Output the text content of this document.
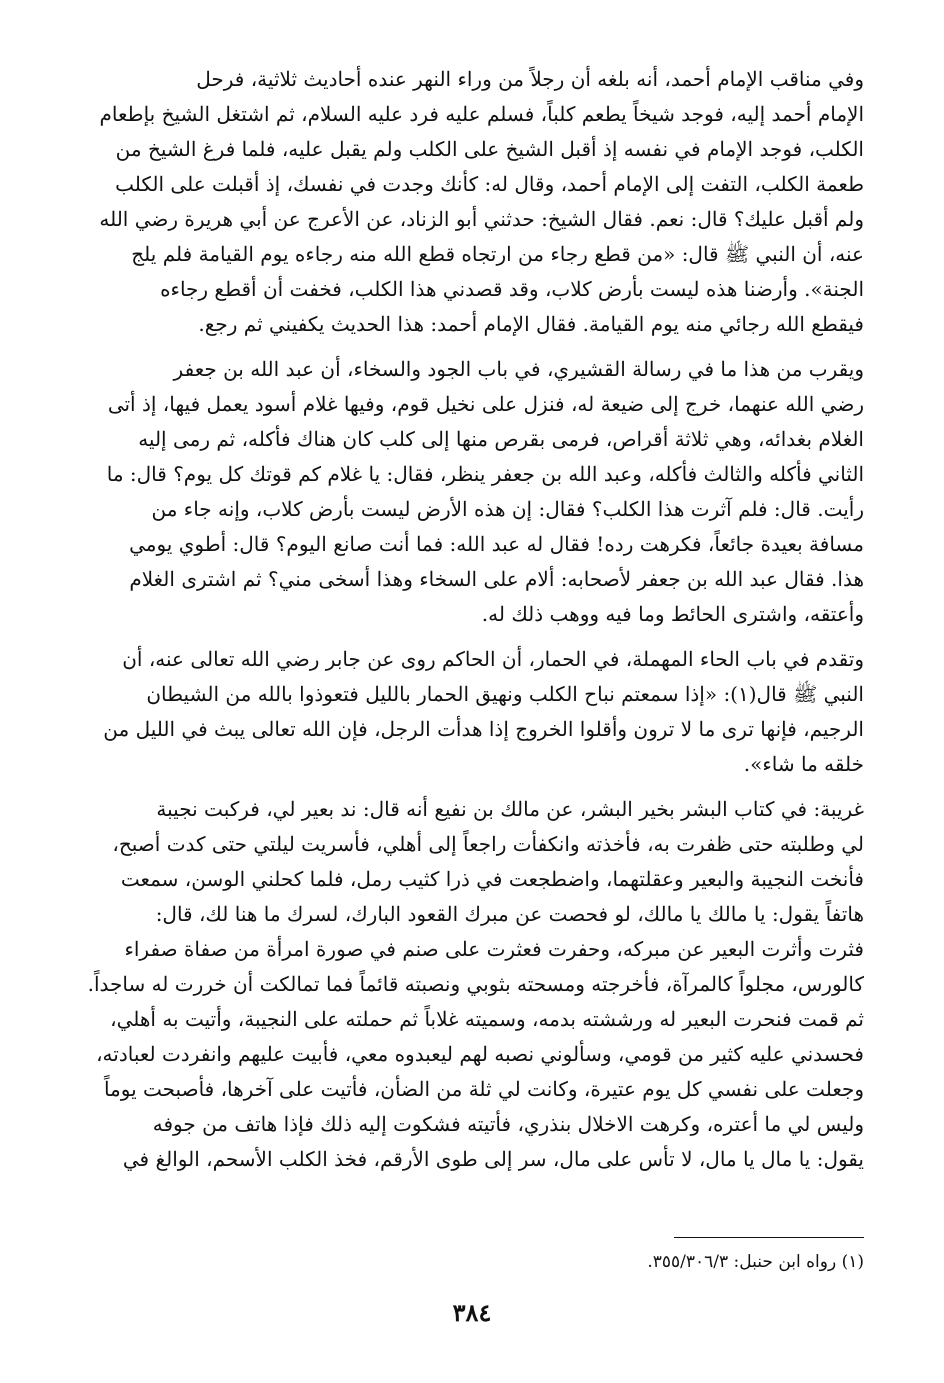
وفي مناقب الإمام أحمد، أنه بلغه أن رجلاً من وراء النهر عنده أحاديث ثلاثية، فرحل
الإمام أحمد إليه، فوجد شيخاً يطعم كلباً، فسلم عليه فرد عليه السلام، ثم اشتغل الشيخ بإطعام
الكلب، فوجد الإمام في نفسه إذ أقبل الشيخ على الكلب ولم يقبل عليه، فلما فرغ الشيخ من
طعمة الكلب، التفت إلى الإمام أحمد، وقال له: كأنك وجدت في نفسك، إذ أقبلت على الكلب
ولم أقبل عليك؟ قال: نعم. فقال الشيخ: حدثني أبو الزناد، عن الأعرج عن أبي هريرة رضي الله
عنه، أن النبي ﷺ قال: «من قطع رجاء من ارتجاه قطع الله منه رجاءه يوم القيامة فلم يلج
الجنة». وأرضنا هذه ليست بأرض كلاب، وقد قصدني هذا الكلب، فخفت أن أقطع رجاءه
فيقطع الله رجائي منه يوم القيامة. فقال الإمام أحمد: هذا الحديث يكفيني ثم رجع.

ويقرب من هذا ما في رسالة القشيري، في باب الجود والسخاء، أن عبد الله بن جعفر
رضي الله عنهما، خرج إلى ضيعة له، فنزل على نخيل قوم، وفيها غلام أسود يعمل فيها، إذ أتى
الغلام بغدائه، وهي ثلاثة أقراص، فرمى بقرص منها إلى كلب كان هناك فأكله، ثم رمى إليه
الثاني فأكله والثالث فأكله، وعبد الله بن جعفر ينظر، فقال: يا غلام كم قوتك كل يوم؟ قال: ما
رأيت. قال: فلم آثرت هذا الكلب؟ فقال: إن هذه الأرض ليست بأرض كلاب، وإنه جاء من
مسافة بعيدة جائعاً، فكرهت رده! فقال له عبد الله: فما أنت صانع اليوم؟ قال: أطوي يومي
هذا. فقال عبد الله بن جعفر لأصحابه: ألام على السخاء وهذا أسخى مني؟ ثم اشترى الغلام
وأعتقه، واشترى الحائط وما فيه ووهب ذلك له.

وتقدم في باب الحاء المهملة، في الحمار، أن الحاكم روى عن جابر رضي الله تعالى عنه، أن
النبي ﷺ قال(١): «إذا سمعتم نباح الكلب ونهيق الحمار بالليل فتعوذوا بالله من الشيطان
الرجيم، فإنها ترى ما لا ترون وأقلوا الخروج إذا هدأت الرجل، فإن الله تعالى يبث في الليل من
خلقه ما شاء».

غريبة: في كتاب البشر بخير البشر، عن مالك بن نفيع أنه قال: ند بعير لي، فركبت نجيبة
لي وطلبته حتى ظفرت به، فأخذته وانكفأت راجعاً إلى أهلي، فأسريت ليلتي حتى كدت أصبح،
فأنخت النجيبة والبعير وعقلتهما، واضطجعت في ذرا كثيب رمل، فلما كحلني الوسن، سمعت
هاتفاً يقول: يا مالك يا مالك، لو فحصت عن مبرك القعود البارك، لسرك ما هنا لك، قال:
فثرت وأثرت البعير عن مبركه، وحفرت فعثرت على صنم في صورة امرأة من صفاة صفراء
كالورس، مجلواً كالمرآة، فأخرجته ومسحته بثوبي ونصبته قائماً فما تمالكت أن خررت له ساجداً.
ثم قمت فنحرت البعير له ورششته بدمه، وسميته غلاباً ثم حملته على النجيبة، وأتيت به أهلي،
فحسدني عليه كثير من قومي، وسألوني نصبه لهم ليعبدوه معي، فأبيت عليهم وانفردت لعبادته،
وجعلت على نفسي كل يوم عتيرة، وكانت لي ثلة من الضأن، فأتيت على آخرها، فأصبحت يوماً
وليس لي ما أعتره، وكرهت الاخلال بنذري، فأتيته فشكوت إليه ذلك فإذا هاتف من جوفه
يقول: يا مال يا مال، لا تأس على مال، سر إلى طوى الأرقم، فخذ الكلب الأسحم، الوالغ في

(١) رواه ابن حنبل: ٣٥٥/٣٠٦/٣.
٣٨٤
